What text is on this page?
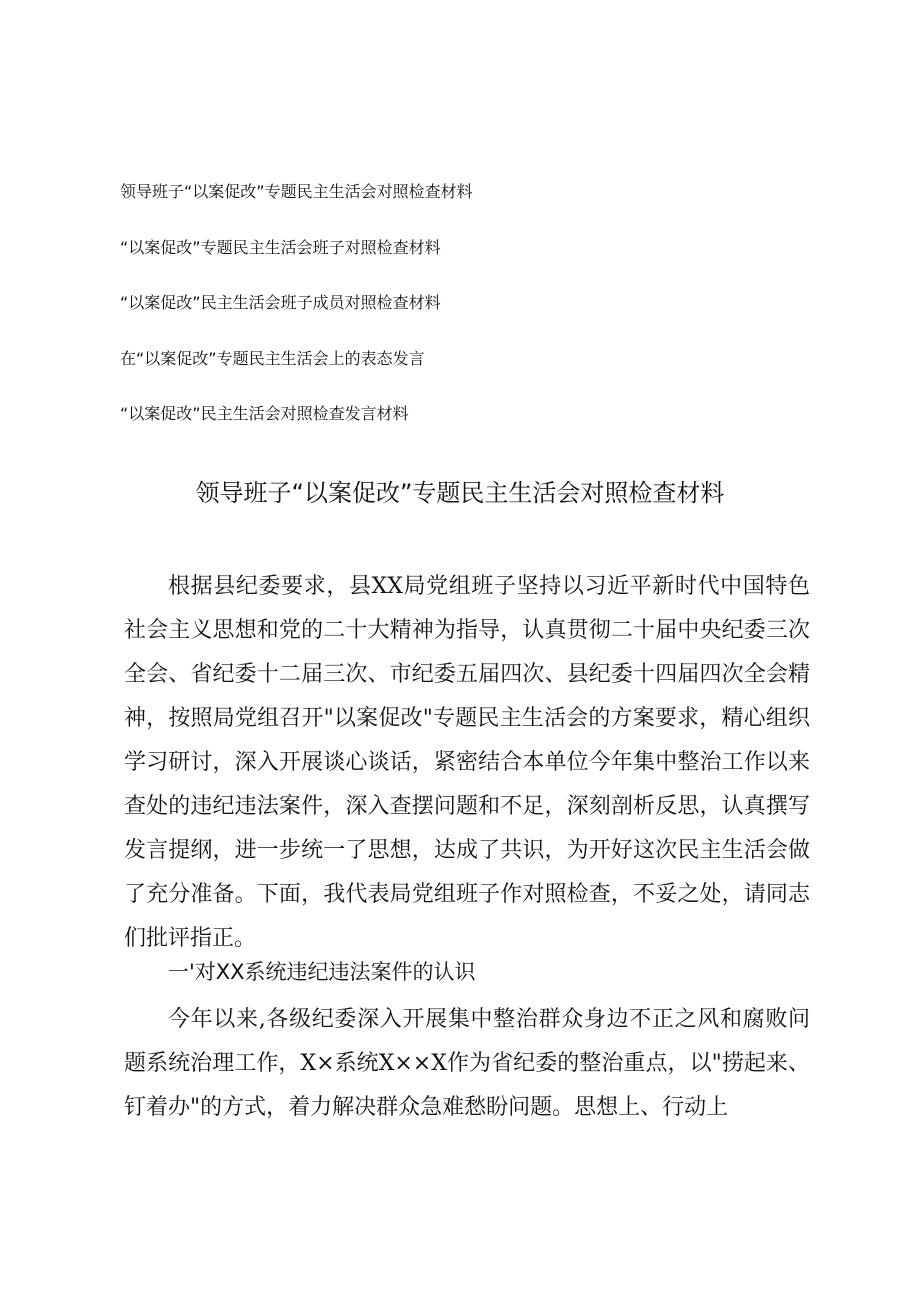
领导班子“以案促改”专题民主生活会对照检查材料
“以案促改”专题民主生活会班子对照检查材料
“以案促改”民主生活会班子成员对照检查材料
在“以案促改”专题民主生活会上的表态发言
“以案促改”民主生活会对照检查发言材料
领导班子“以案促改”专题民主生活会对照检查材料

根据县纪委要求，县XX局党组班子坚持以习近平新时代中国特色社会主义思想和党的二十大精神为指导，认真贯彻二十届中央纪委三次全会、省纪委十二届三次、市纪委五届四次、县纪委十四届四次全会精神，按照局党组召开"以案促改"专题民主生活会的方案要求，精心组织学习研讨，深入开展谈心谈话，紧密结合本单位今年集中整治工作以来查处的违纪违法案件，深入查摆问题和不足，深刻剖析反思，认真撰写发言提纲，进一步统一了思想，达成了共识，为开好这次民主生活会做了充分准备。下面，我代表局党组班子作对照检查，不妥之处，请同志们批评指正。

一'对XX系统违纪违法案件的认识

今年以来,各级纪委深入开展集中整治群众身边不正之风和腐败问题系统治理工作，X×系统X××X作为省纪委的整治重点，以"捞起来、钉着办"的方式，着力解决群众急难愁盼问题。思想上、行动上
